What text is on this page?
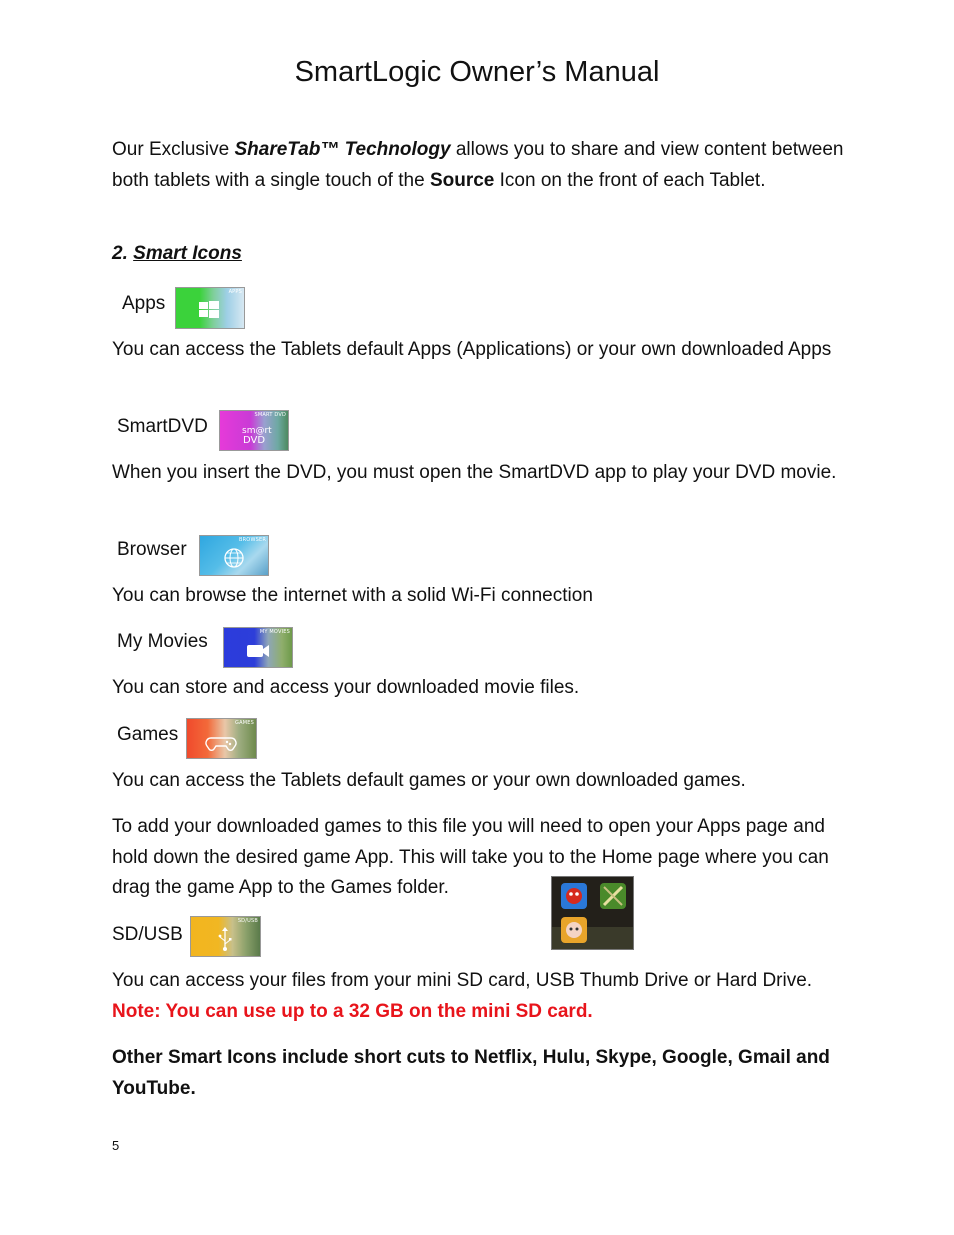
SmartLogic Owner’s Manual

Our Exclusive ShareTab™ Technology allows you to share and view content between both tablets with a single touch of the Source Icon on the front of each Tablet.

2. Smart Icons
Apps
APPS

You can access the Tablets default Apps (Applications) or your own downloaded Apps

SmartDVD
SMART DVD
sm@rt
DVD

When you insert the DVD, you must open the SmartDVD app to play your DVD movie.

Browser	BROWSER

You can browse the internet with a solid Wi-Fi connection

My Movies	MY MOVIES

You can store and access your downloaded movie files.

Games
GAMES

You can access the Tablets default games or your own downloaded games.

To add your downloaded games to this file you will need to open your Apps page and hold down the desired game App. This will take you to the Home page where you can drag the game App to the Games folder.

SD/USB
SD/USB

You can access your files from your mini SD card, USB Thumb Drive or Hard Drive. Note: You can use up to a 32 GB on the mini SD card.

Other Smart Icons include short cuts to Netflix, Hulu, Skype, Google, Gmail and YouTube.

5
